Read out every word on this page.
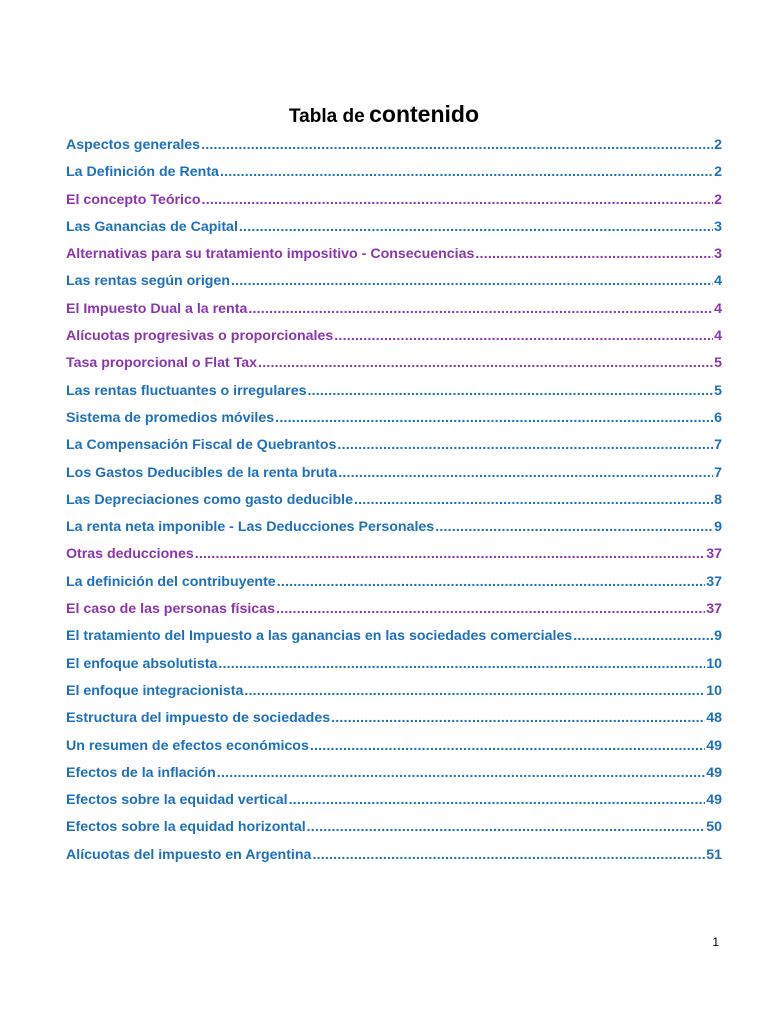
Tabla de contenido
Aspectos generales .....	2
La Definición de Renta .....	2
El concepto Teórico .....	2
Las Ganancias de Capital .....	3
Alternativas para su tratamiento impositivo - Consecuencias .....	3
Las rentas según origen .....	4
El Impuesto Dual a la renta .....	4
Alícuotas progresivas o proporcionales .....	4
Tasa proporcional o Flat Tax .....	5
Las rentas fluctuantes o irregulares .....	5
Sistema de promedios móviles .....	6
La Compensación Fiscal de Quebrantos .....	7
Los Gastos Deducibles de la renta bruta .....	7
Las Depreciaciones como gasto deducible .....	8
La renta neta imponible - Las Deducciones Personales .....	9
Otras deducciones .....	37
La definición del contribuyente .....	37
El caso de las personas físicas .....	37
El tratamiento del Impuesto a las ganancias en las sociedades comerciales .....	9
El enfoque absolutista .....	10
El enfoque integracionista .....	10
Estructura del impuesto de sociedades .....	48
Un resumen de efectos económicos .....	49
Efectos de la inflación .....	49
Efectos sobre la equidad vertical .....	49
Efectos sobre la equidad horizontal .....	50
Alícuotas del impuesto en Argentina .....	51
1
